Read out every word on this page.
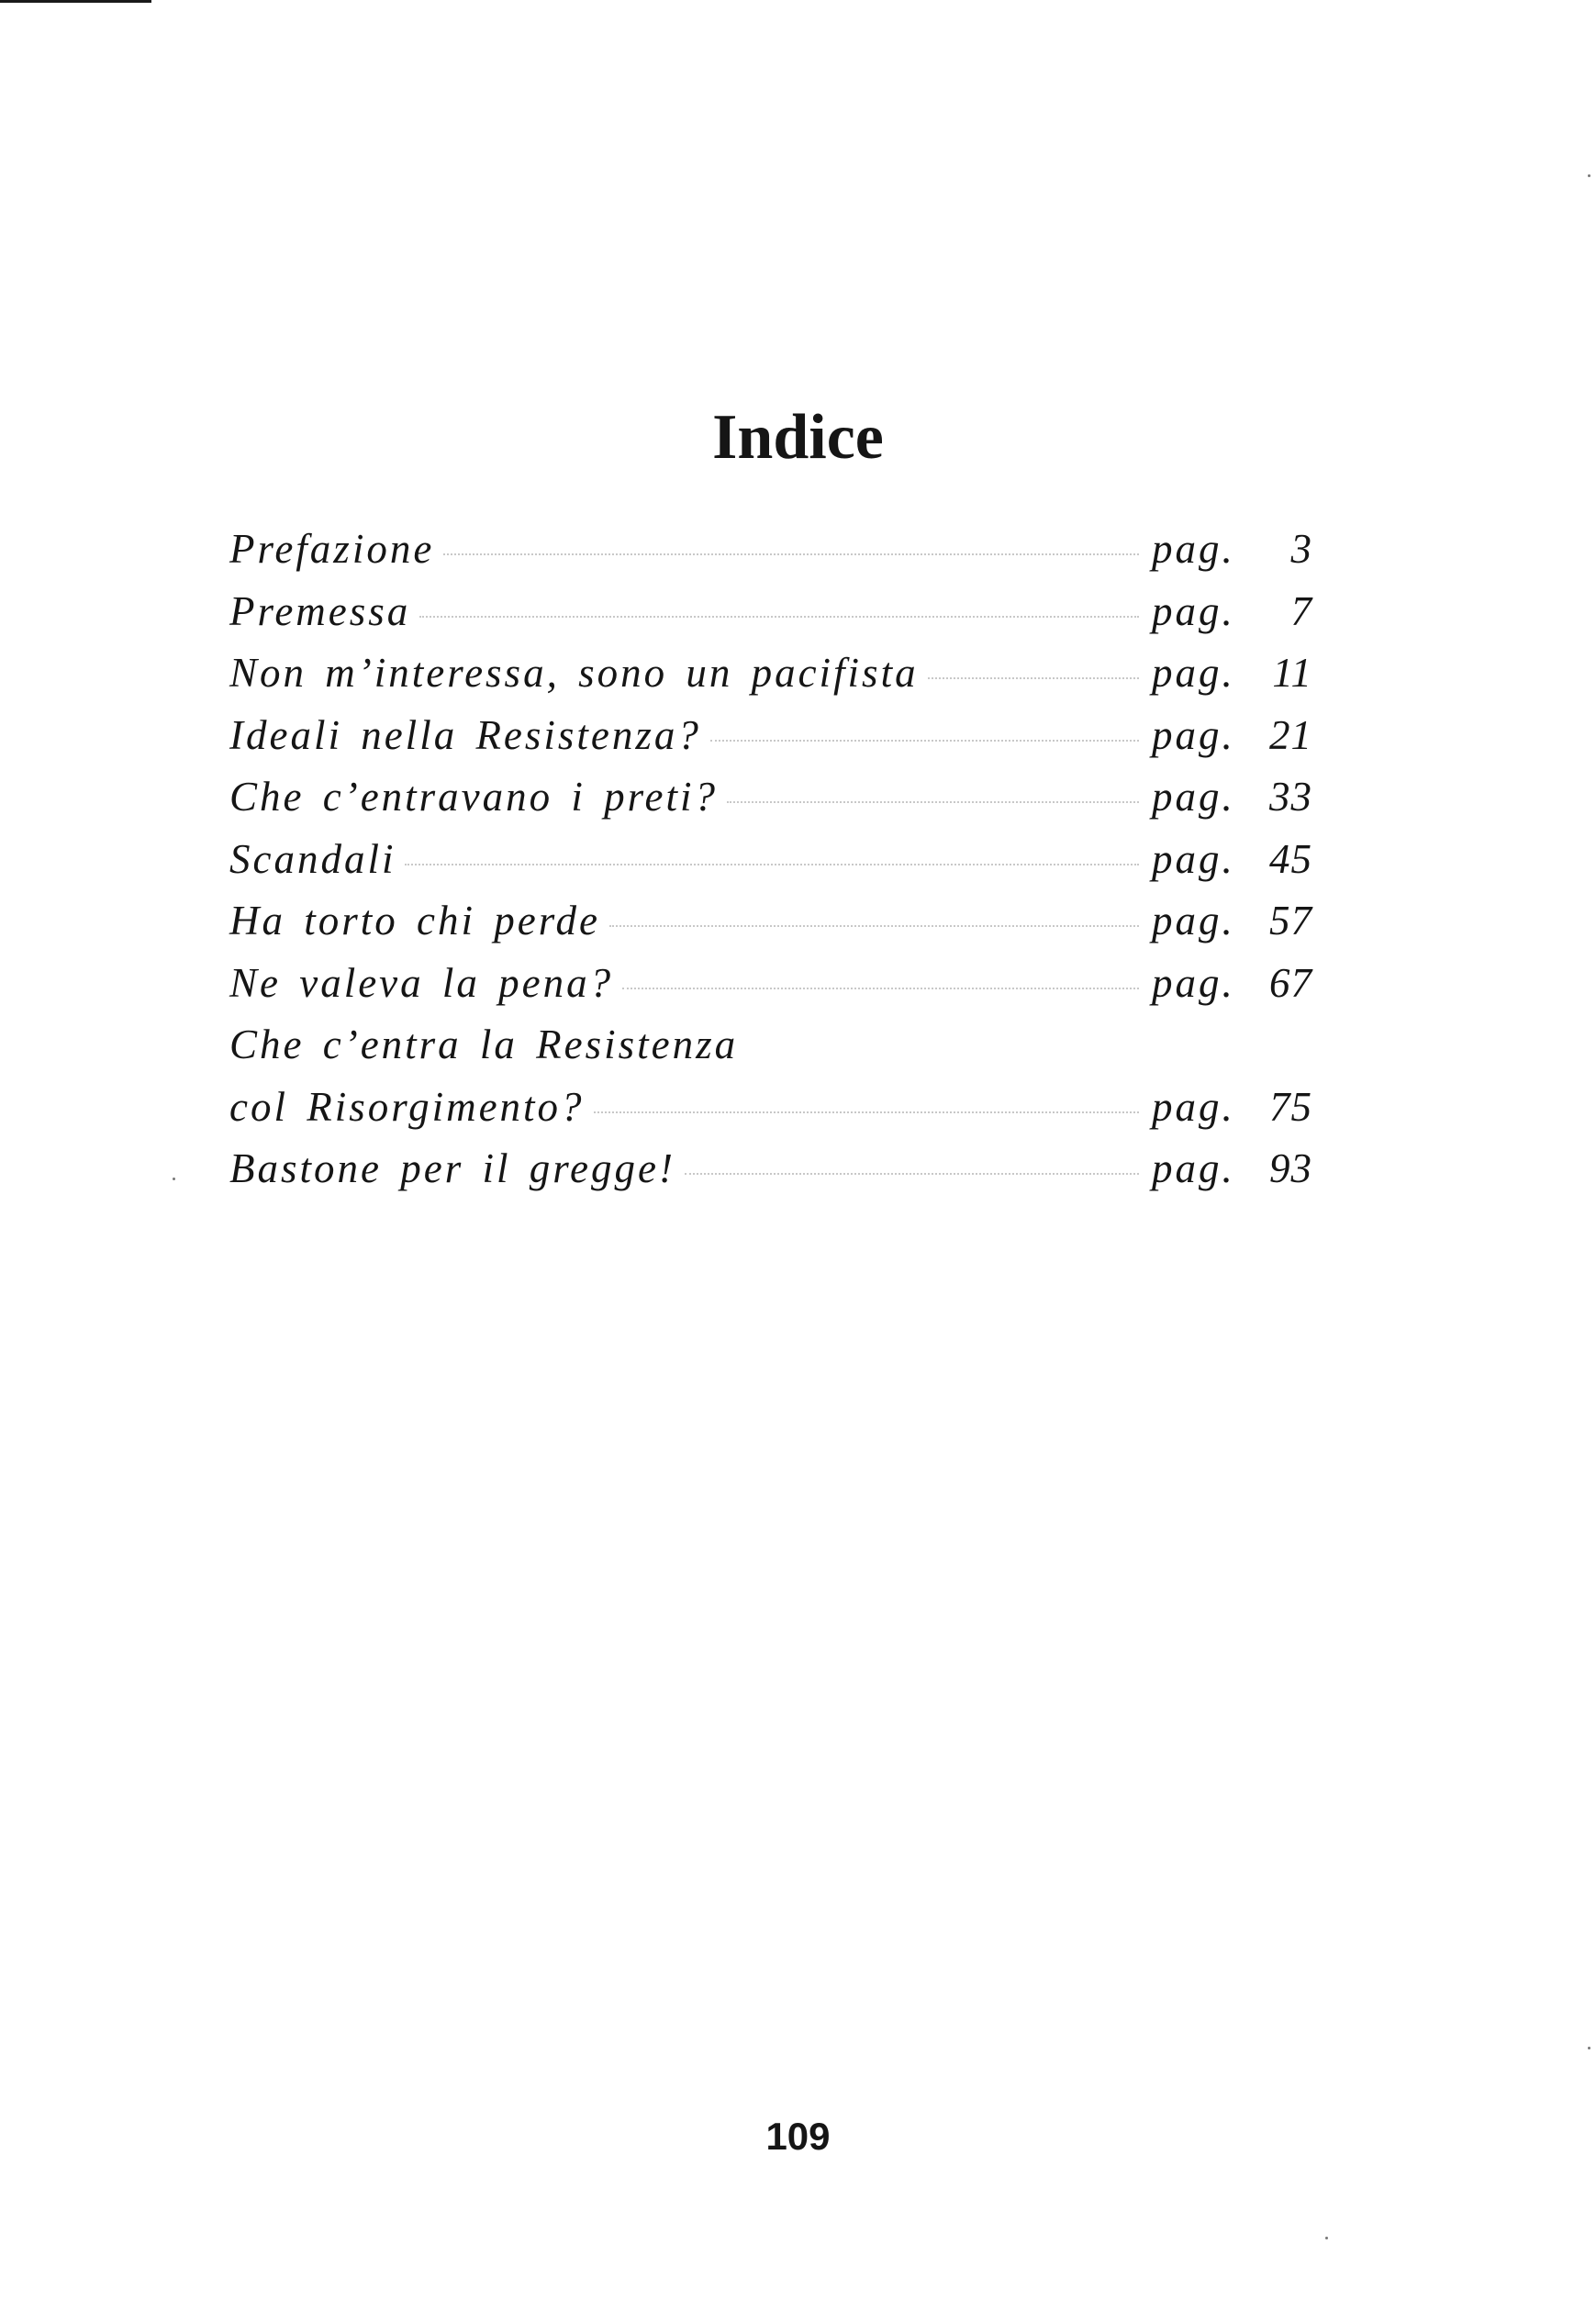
Indice
Prefazione	pag.	3
Premessa	pag.	7
Non m’interessa, sono un pacifista	pag. 11
Ideali nella Resistenza?	pag. 21
Che c’entravano i preti?	pag. 33
Scandali	pag. 45
Ha torto chi perde	pag. 57
Ne valeva la pena?	pag. 67
Che c’entra la Resistenza
col Risorgimento?	pag. 75
Bastone per il gregge!	pag. 93
109
